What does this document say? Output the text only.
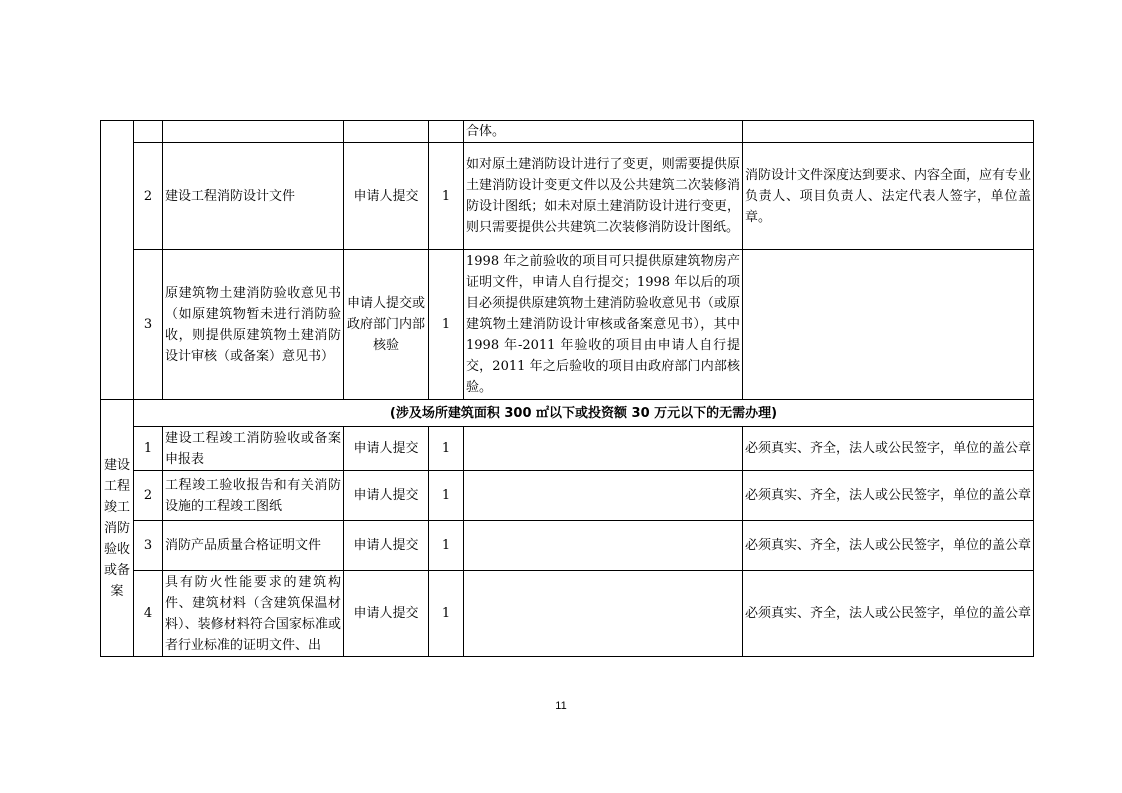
					合体。	
	2	建设工程消防设计文件	申请人提交	1	如对原土建消防设计进行了变更，则需要提供原土建消防设计变更文件以及公共建筑二次装修消防设计图纸；如未对原土建消防设计进行变更，则只需要提供公共建筑二次装修消防设计图纸。	消防设计文件深度达到要求、内容全面，应有专业负责人、项目负责人、法定代表人签字，单位盖章。
	3	原建筑物土建消防验收意见书（如原建筑物暂未进行消防验收，则提供原建筑物土建消防设计审核（或备案）意见书）	申请人提交或政府部门内部核验	1	1998 年之前验收的项目可只提供原建筑物房产证明文件，申请人自行提交；1998 年以后的项目必须提供原建筑物土建消防验收意见书（或原建筑物土建消防设计审核或备案意见书），其中 1998 年-2011 年验收的项目由申请人自行提交，2011 年之后验收的项目由政府部门内部核验。	
建设工程竣工消防验收或备案	(涉及场所建筑面积 300 ㎡以下或投资额 30 万元以下的无需办理)					
	1	建设工程竣工消防验收或备案申报表	申请人提交	1		必须真实、齐全，法人或公民签字，单位的盖公章
	2	工程竣工验收报告和有关消防设施的工程竣工图纸	申请人提交	1		必须真实、齐全，法人或公民签字，单位的盖公章
	3	消防产品质量合格证明文件	申请人提交	1		必须真实、齐全，法人或公民签字，单位的盖公章
	4	具有防火性能要求的建筑构件、建筑材料（含建筑保温材料）、装修材料符合国家标准或者行业标准的证明文件、出	申请人提交	1		必须真实、齐全，法人或公民签字，单位的盖公章
11
